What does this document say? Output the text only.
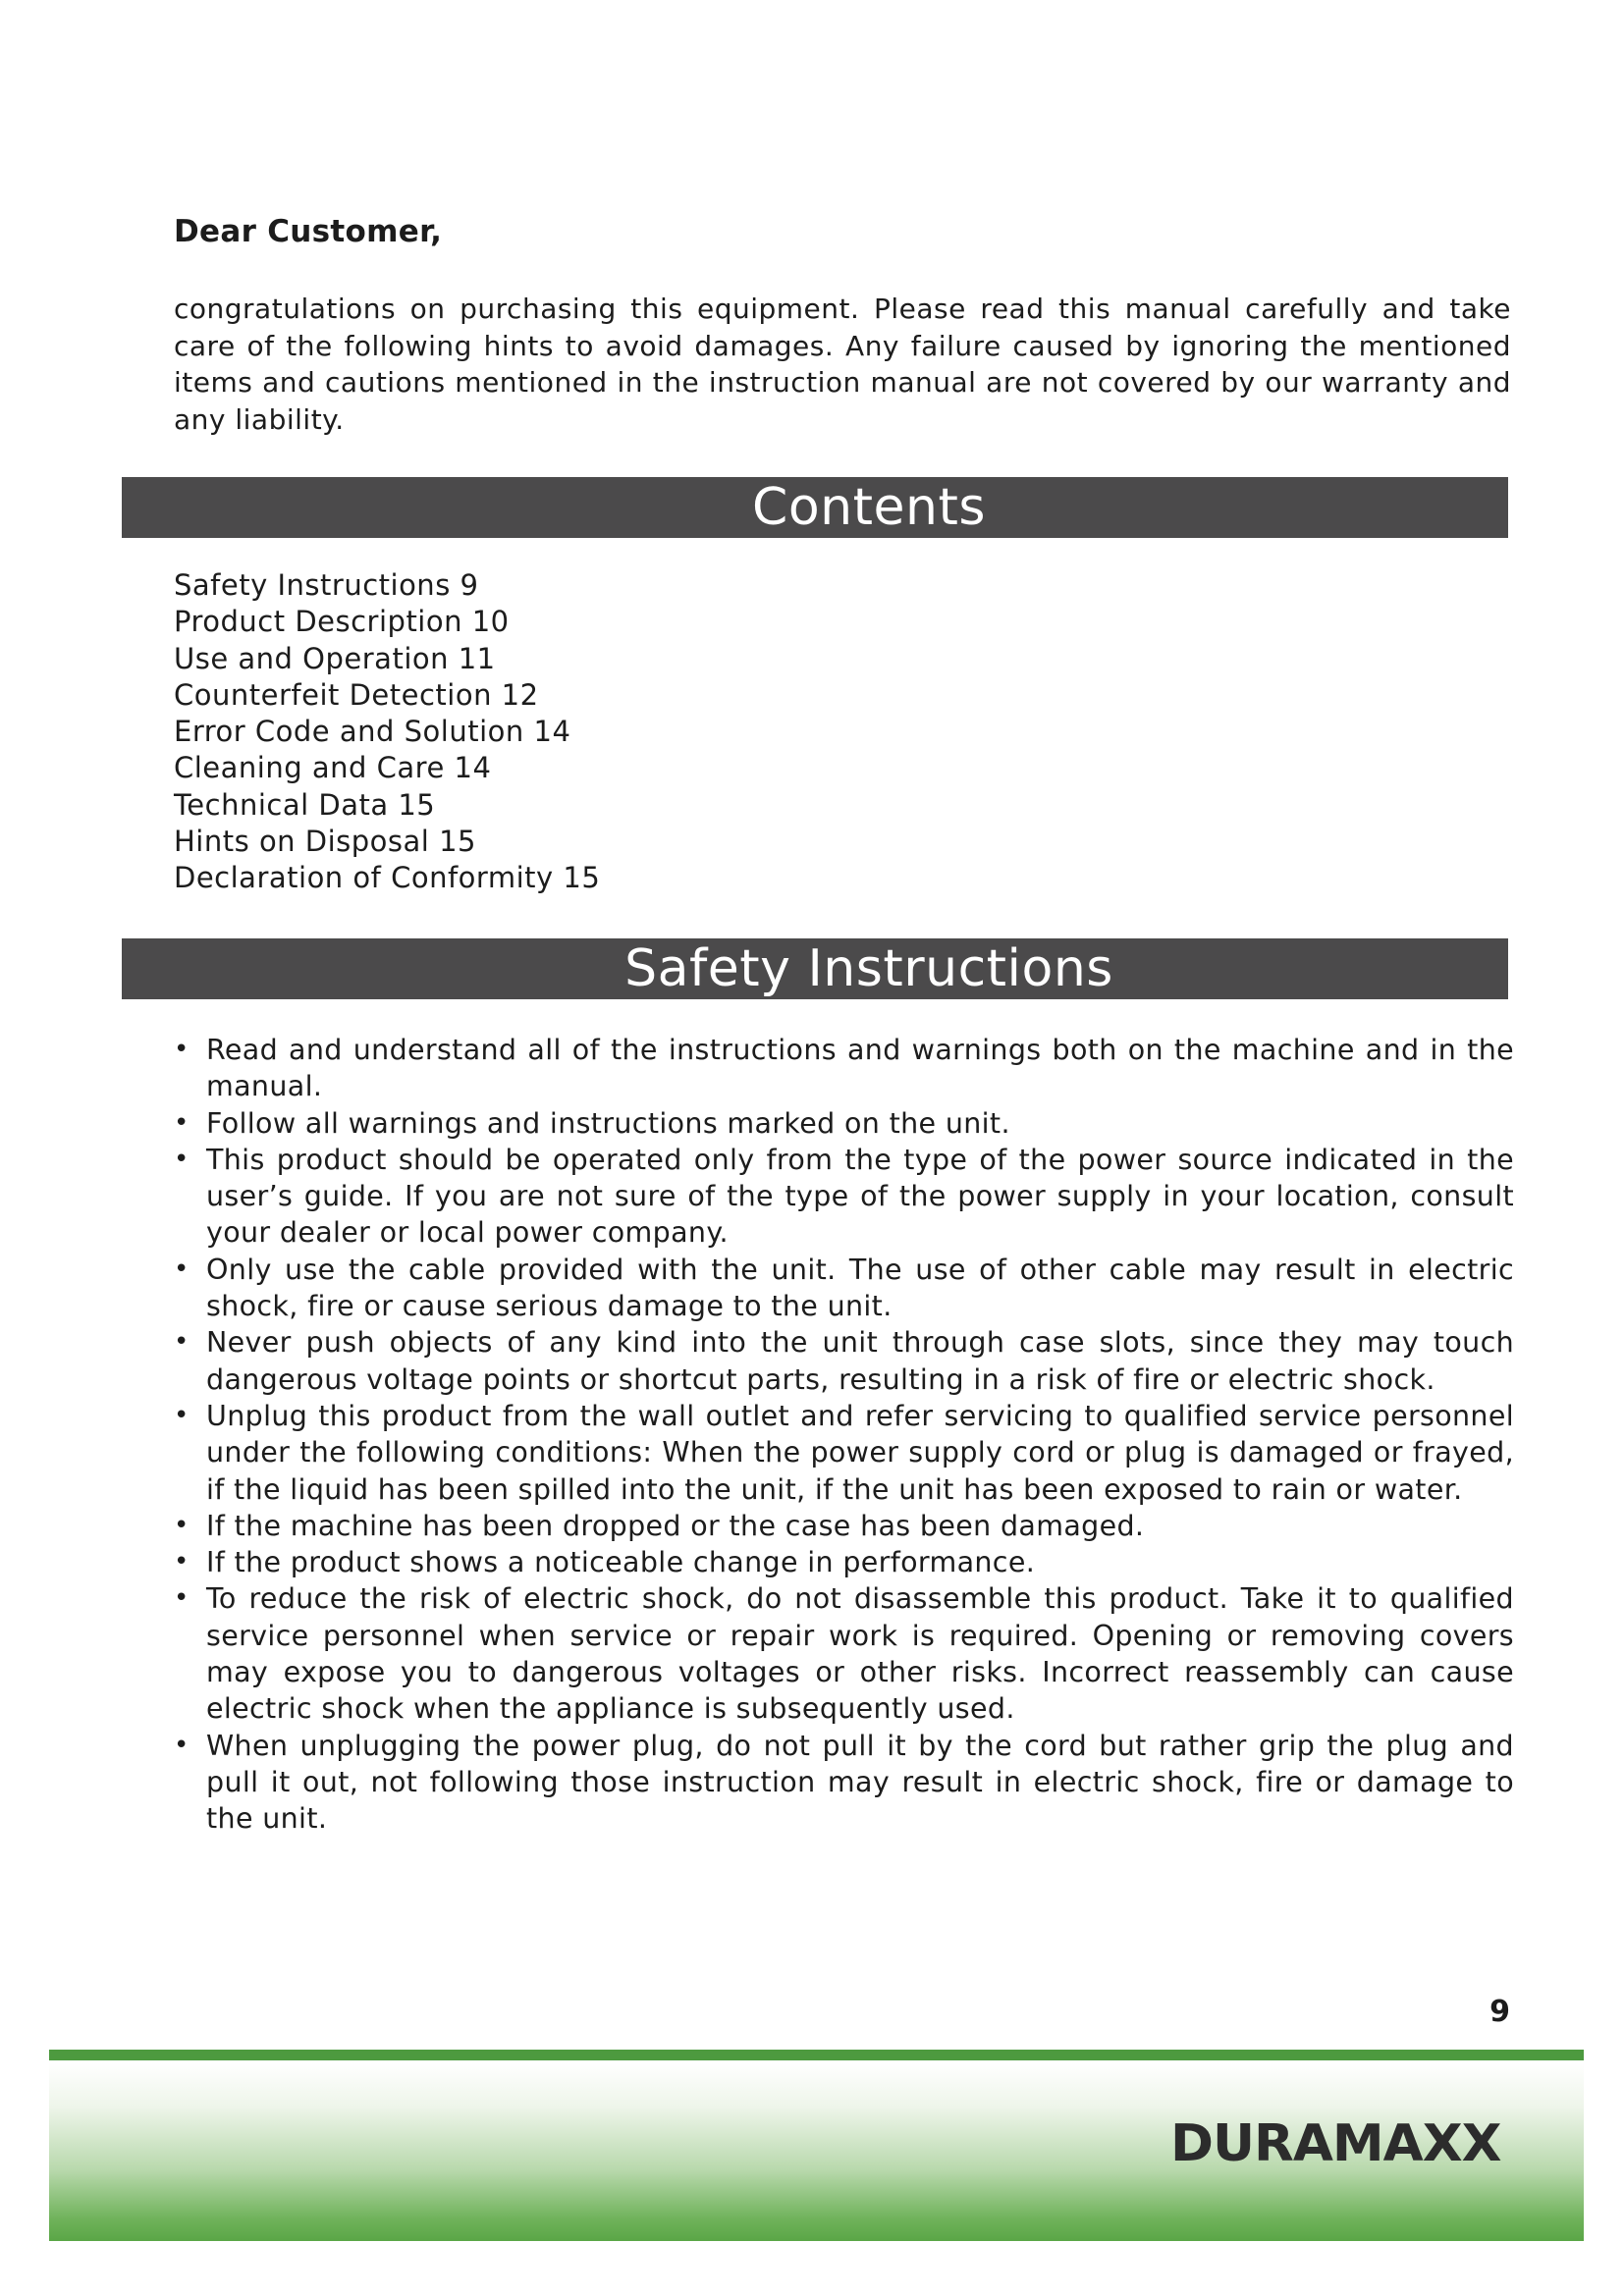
Dear Customer,

congratulations on purchasing this equipment. Please read this manual carefully and take care of the following hints to avoid damages. Any failure caused by ignoring the mentioned items and cautions mentioned in the instruction manual are not covered by our warranty and any liability.

Contents
Safety Instructions 9
Product Description 10
Use and Operation 11
Counterfeit Detection 12
Error Code and Solution 14
Cleaning and Care 14
Technical Data 15
Hints on Disposal 15
Declaration of Conformity 15
Safety Instructions
• Read and understand all of the instructions and warnings both on the machine and in the manual.
• Follow all warnings and instructions marked on the unit.
• This product should be operated only from the type of the power source indicated in the user’s guide. If you are not sure of the type of the power supply in your location, consult your dealer or local power company.
• Only use the cable provided with the unit. The use of other cable may result in electric shock, fire or cause serious damage to the unit.
• Never push objects of any kind into the unit through case slots, since they may touch dangerous voltage points or shortcut parts, resulting in a risk of fire or electric shock.
• Unplug this product from the wall outlet and refer servicing to qualified service personnel under the following conditions: When the power supply cord or plug is damaged or frayed, if the liquid has been spilled into the unit, if the unit has been exposed to rain or water.
• If the machine has been dropped or the case has been damaged.
• If the product shows a noticeable change in performance.
• To reduce the risk of electric shock, do not disassemble this product. Take it to qualified service personnel when service or repair work is required. Opening or removing covers may expose you to dangerous voltages or other risks. Incorrect reassembly can cause electric shock when the appliance is subsequently used.
• When unplugging the power plug, do not pull it by the cord but rather grip the plug and pull it out, not following those instruction may result in electric shock, fire or damage to the unit.
9
DURAMAXX
